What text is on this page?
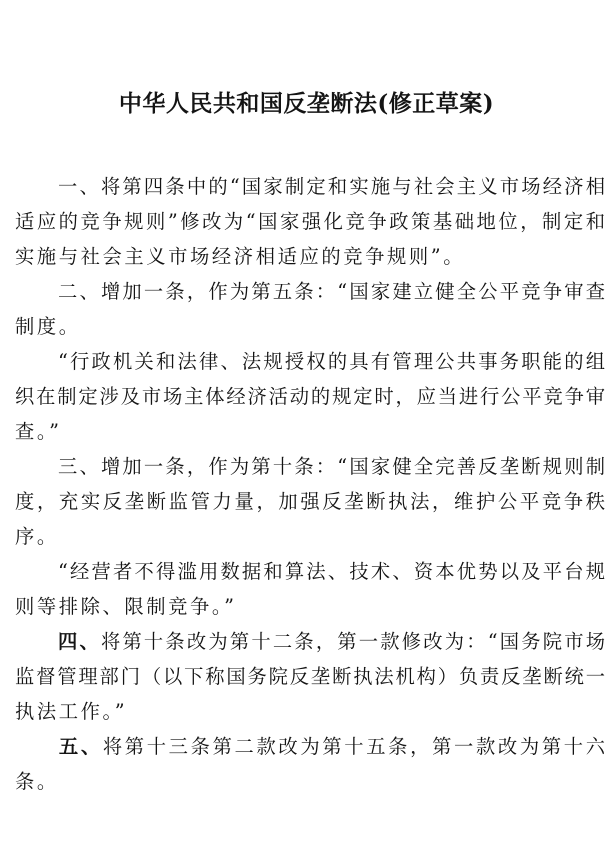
中华人民共和国反垄断法(修正草案)
　　一、将第四条中的“国家制定和实施与社会主义市场经济相
适应的竞争规则”修改为“国家强化竞争政策基础地位，制定和
实施与社会主义市场经济相适应的竞争规则”。
　　二、增加一条，作为第五条：“国家建立健全公平竞争审查
制度。
　　“行政机关和法律、法规授权的具有管理公共事务职能的组
织在制定涉及市场主体经济活动的规定时，应当进行公平竞争审
查。”
　　三、增加一条，作为第十条：“国家健全完善反垄断规则制
度，充实反垄断监管力量，加强反垄断执法，维护公平竞争秩
序。
　　“经营者不得滥用数据和算法、技术、资本优势以及平台规
则等排除、限制竞争。”
　　四、将第十条改为第十二条，第一款修改为：“国务院市场
监督管理部门（以下称国务院反垄断执法机构）负责反垄断统一
执法工作。”
　　五、将第十三条第二款改为第十五条，第一款改为第十六
条。
